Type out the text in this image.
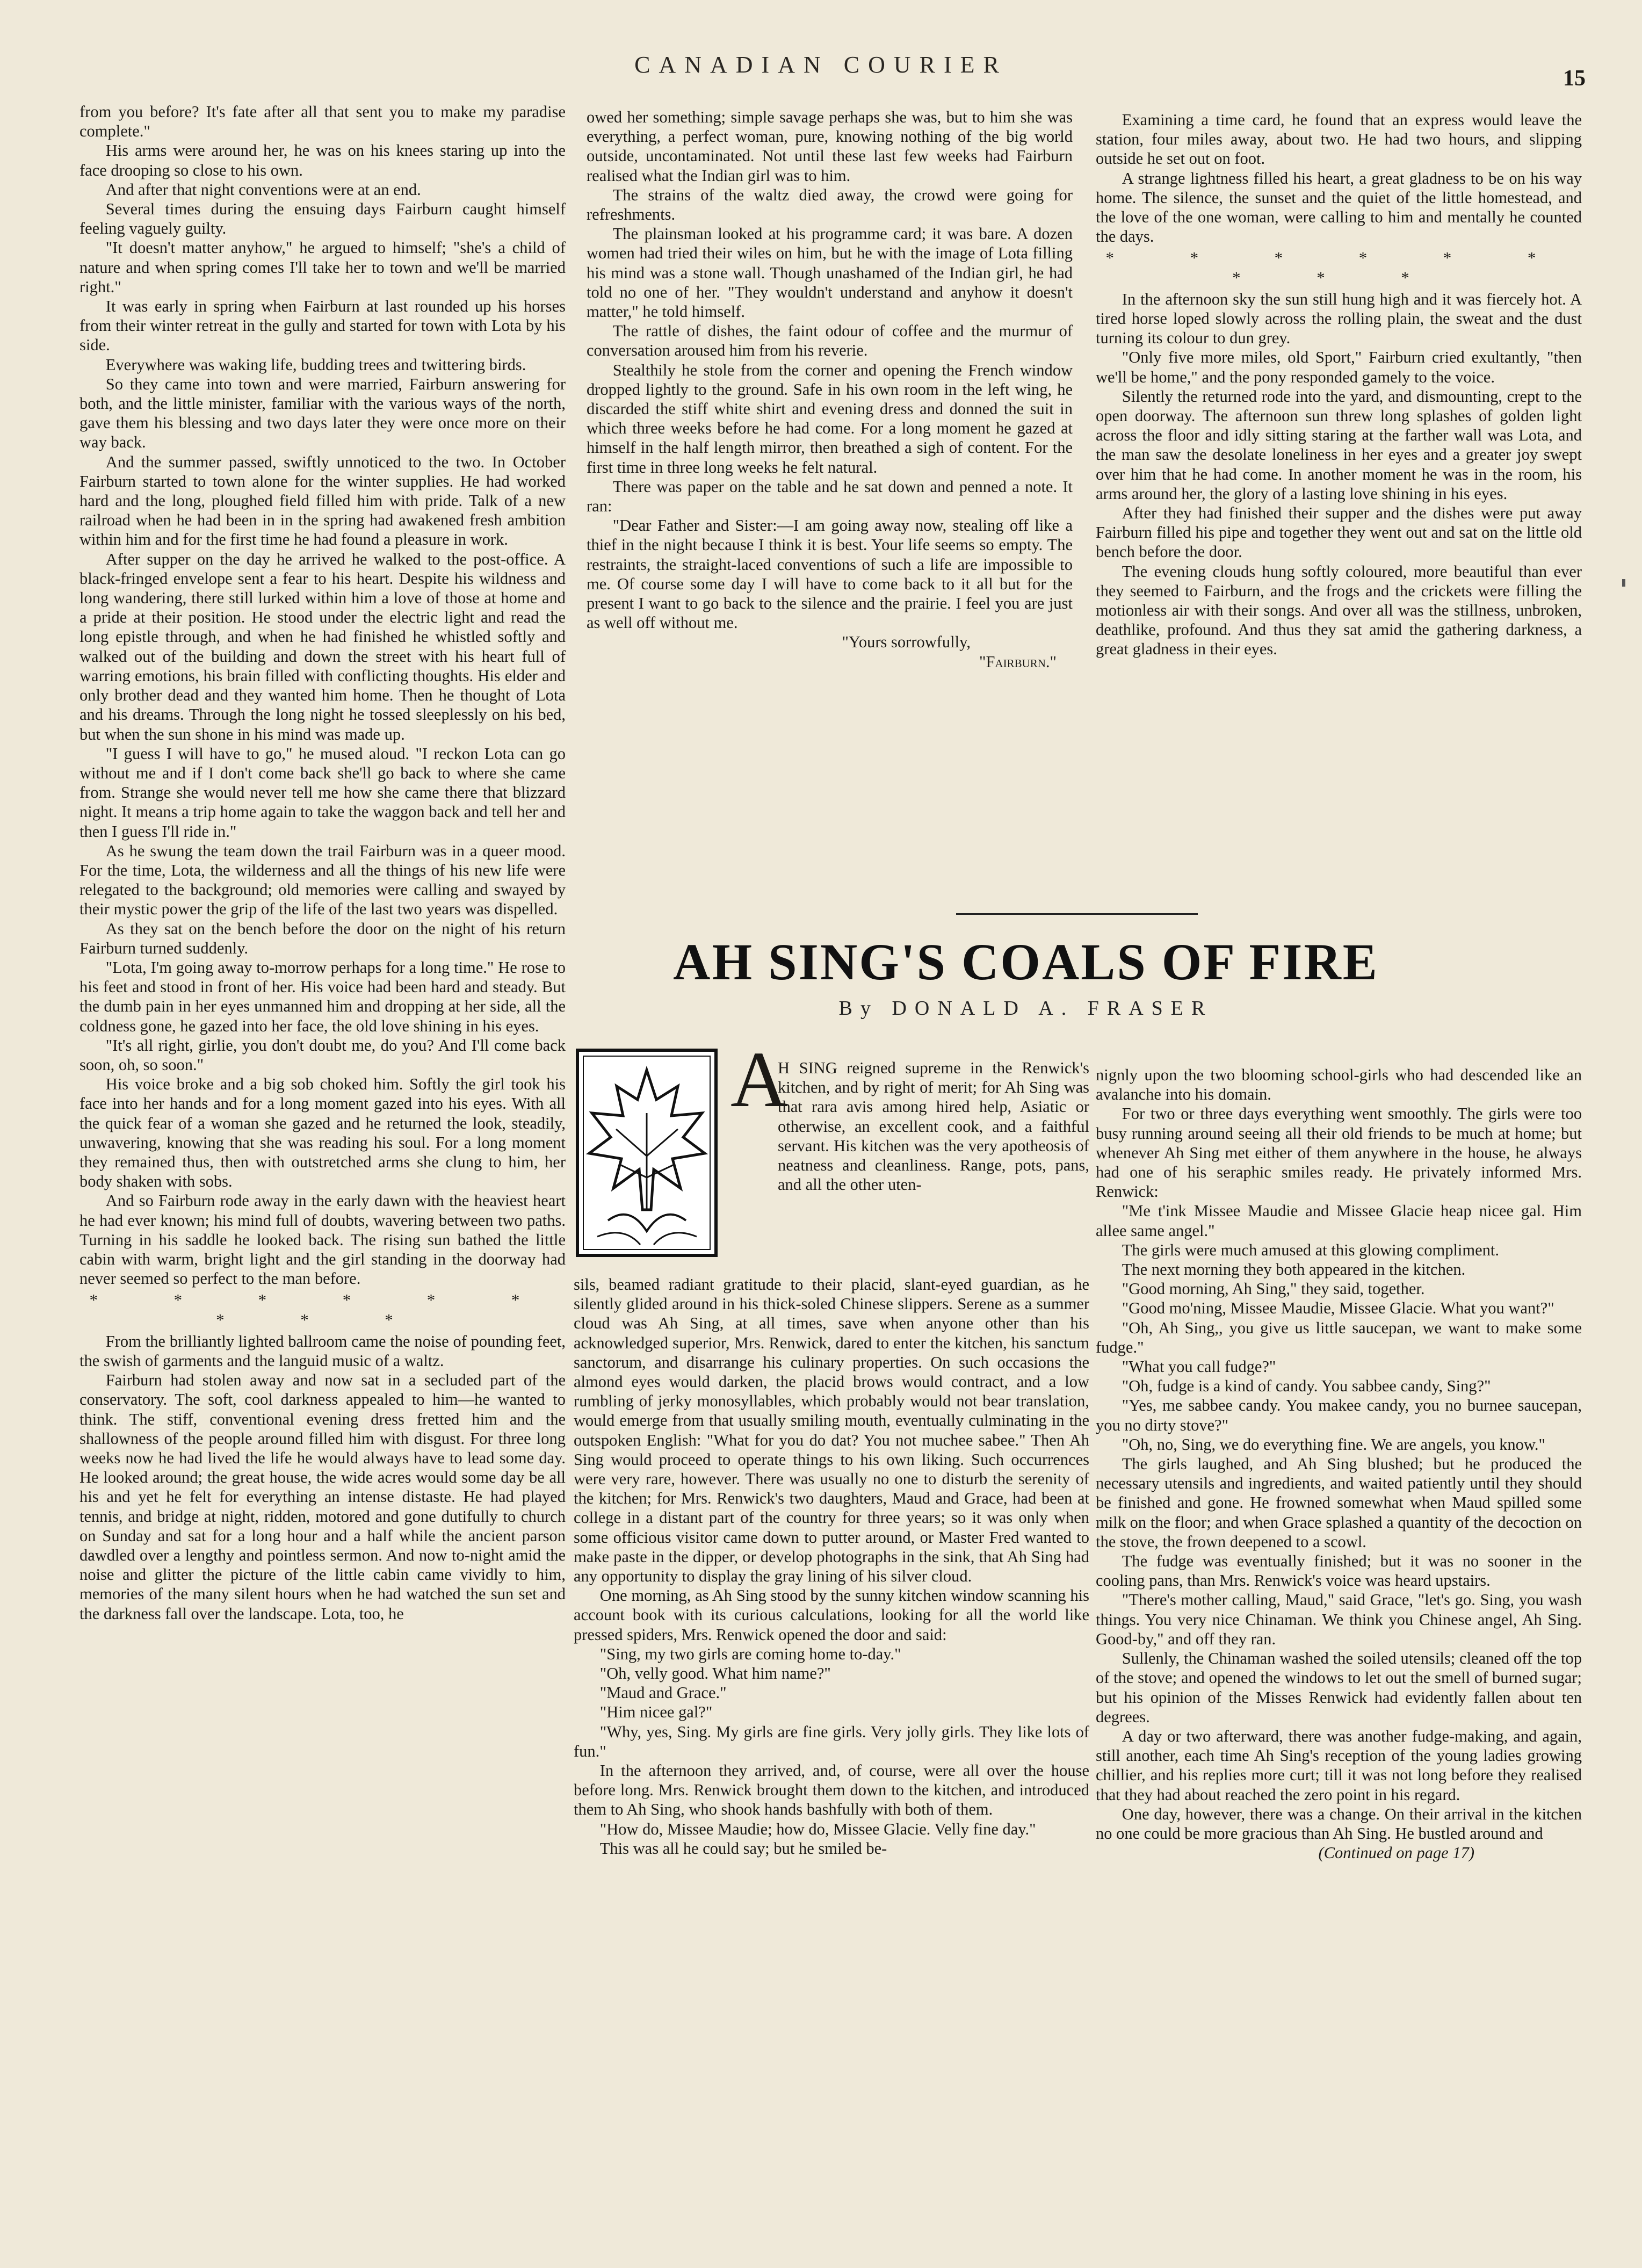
CANADIAN COURIER
15

from you before? It's fate after all that sent you to make my paradise complete."

His arms were around her, he was on his knees staring up into the face drooping so close to his own.

And after that night conventions were at an end.

Several times during the ensuing days Fairburn caught himself feeling vaguely guilty.

"It doesn't matter anyhow," he argued to himself; "she's a child of nature and when spring comes I'll take her to town and we'll be married right."

It was early in spring when Fairburn at last rounded up his horses from their winter retreat in the gully and started for town with Lota by his side.

Everywhere was waking life, budding trees and twittering birds.

So they came into town and were married, Fairburn answering for both, and the little minister, familiar with the various ways of the north, gave them his blessing and two days later they were once more on their way back.

And the summer passed, swiftly unnoticed to the two. In October Fairburn started to town alone for the winter supplies. He had worked hard and the long, ploughed field filled him with pride. Talk of a new railroad when he had been in in the spring had awakened fresh ambition within him and for the first time he had found a pleasure in work.

After supper on the day he arrived he walked to the post-office. A black-fringed envelope sent a fear to his heart. Despite his wildness and long wandering, there still lurked within him a love of those at home and a pride at their position. He stood under the electric light and read the long epistle through, and when he had finished he whistled softly and walked out of the building and down the street with his heart full of warring emotions, his brain filled with conflicting thoughts. His elder and only brother dead and they wanted him home. Then he thought of Lota and his dreams. Through the long night he tossed sleeplessly on his bed, but when the sun shone in his mind was made up.

"I guess I will have to go," he mused aloud. "I reckon Lota can go without me and if I don't come back she'll go back to where she came from. Strange she would never tell me how she came there that blizzard night. It means a trip home again to take the waggon back and tell her and then I guess I'll ride in."

As he swung the team down the trail Fairburn was in a queer mood. For the time, Lota, the wilderness and all the things of his new life were relegated to the background; old memories were calling and swayed by their mystic power the grip of the life of the last two years was dispelled.

As they sat on the bench before the door on the night of his return Fairburn turned suddenly.

"Lota, I'm going away to-morrow perhaps for a long time." He rose to his feet and stood in front of her. His voice had been hard and steady. But the dumb pain in her eyes unmanned him and dropping at her side, all the coldness gone, he gazed into her face, the old love shining in his eyes.

"It's all right, girlie, you don't doubt me, do you? And I'll come back soon, oh, so soon."

His voice broke and a big sob choked him. Softly the girl took his face into her hands and for a long moment gazed into his eyes. With all the quick fear of a woman she gazed and he returned the look, steadily, unwavering, knowing that she was reading his soul. For a long moment they remained thus, then with outstretched arms she clung to him, her body shaken with sobs.

And so Fairburn rode away in the early dawn with the heaviest heart he had ever known; his mind full of doubts, wavering between two paths. Turning in his saddle he looked back. The rising sun bathed the little cabin with warm, bright light and the girl standing in the doorway had never seemed so perfect to the man before.

* * * * * * * * *

From the brilliantly lighted ballroom came the noise of pounding feet, the swish of garments and the languid music of a waltz.

Fairburn had stolen away and now sat in a secluded part of the conservatory. The soft, cool darkness appealed to him—he wanted to think. The stiff, conventional evening dress fretted him and the shallowness of the people around filled him with disgust. For three long weeks now he had lived the life he would always have to lead some day. He looked around; the great house, the wide acres would some day be all his and yet he felt for everything an intense distaste. He had played tennis, and bridge at night, ridden, motored and gone dutifully to church on Sunday and sat for a long hour and a half while the ancient parson dawdled over a lengthy and pointless sermon. And now to-night amid the noise and glitter the picture of the little cabin came vividly to him, memories of the many silent hours when he had watched the sun set and the darkness fall over the landscape. Lota, too, he

owed her something; simple savage perhaps she was, but to him she was everything, a perfect woman, pure, knowing nothing of the big world outside, uncontaminated. Not until these last few weeks had Fairburn realised what the Indian girl was to him.

The strains of the waltz died away, the crowd were going for refreshments.

The plainsman looked at his programme card; it was bare. A dozen women had tried their wiles on him, but he with the image of Lota filling his mind was a stone wall. Though unashamed of the Indian girl, he had told no one of her. "They wouldn't understand and anyhow it doesn't matter," he told himself.

The rattle of dishes, the faint odour of coffee and the murmur of conversation aroused him from his reverie.

Stealthily he stole from the corner and opening the French window dropped lightly to the ground. Safe in his own room in the left wing, he discarded the stiff white shirt and evening dress and donned the suit in which three weeks before he had come. For a long moment he gazed at himself in the half length mirror, then breathed a sigh of content. For the first time in three long weeks he felt natural.

There was paper on the table and he sat down and penned a note. It ran:

"Dear Father and Sister:—I am going away now, stealing off like a thief in the night because I think it is best. Your life seems so empty. The restraints, the straight-laced conventions of such a life are impossible to me. Of course some day I will have to come back to it all but for the present I want to go back to the silence and the prairie. I feel you are just as well off without me.

"Yours sorrowfully,

"Fairburn."

Examining a time card, he found that an express would leave the station, four miles away, about two. He had two hours, and slipping outside he set out on foot.

A strange lightness filled his heart, a great gladness to be on his way home. The silence, the sunset and the quiet of the little homestead, and the love of the one woman, were calling to him and mentally he counted the days.

* * * * * * * * *

In the afternoon sky the sun still hung high and it was fiercely hot. A tired horse loped slowly across the rolling plain, the sweat and the dust turning its colour to dun grey.

"Only five more miles, old Sport," Fairburn cried exultantly, "then we'll be home," and the pony responded gamely to the voice.

Silently the returned rode into the yard, and dismounting, crept to the open doorway. The afternoon sun threw long splashes of golden light across the floor and idly sitting staring at the farther wall was Lota, and the man saw the desolate loneliness in her eyes and a greater joy swept over him that he had come. In another moment he was in the room, his arms around her, the glory of a lasting love shining in his eyes.

After they had finished their supper and the dishes were put away Fairburn filled his pipe and together they went out and sat on the little old bench before the door.

The evening clouds hung softly coloured, more beautiful than ever they seemed to Fairburn, and the frogs and the crickets were filling the motionless air with their songs. And over all was the stillness, unbroken, deathlike, profound. And thus they sat amid the gathering darkness, a great gladness in their eyes.

AH SING'S COALS OF FIRE
By DONALD A. FRASER
A

H SING reigned supreme in the Renwick's kitchen, and by right of merit; for Ah Sing was that rara avis among hired help, Asiatic or otherwise, an excellent cook, and a faithful servant. His kitchen was the very apotheosis of neatness and cleanliness. Range, pots, pans, and all the other uten-

sils, beamed radiant gratitude to their placid, slant-eyed guardian, as he silently glided around in his thick-soled Chinese slippers. Serene as a summer cloud was Ah Sing, at all times, save when anyone other than his acknowledged superior, Mrs. Renwick, dared to enter the kitchen, his sanctum sanctorum, and disarrange his culinary properties. On such occasions the almond eyes would darken, the placid brows would contract, and a low rumbling of jerky monosyllables, which probably would not bear translation, would emerge from that usually smiling mouth, eventually culminating in the outspoken English: "What for you do dat? You not muchee sabee." Then Ah Sing would proceed to operate things to his own liking. Such occurrences were very rare, however. There was usually no one to disturb the serenity of the kitchen; for Mrs. Renwick's two daughters, Maud and Grace, had been at college in a distant part of the country for three years; so it was only when some officious visitor came down to putter around, or Master Fred wanted to make paste in the dipper, or develop photographs in the sink, that Ah Sing had any opportunity to display the gray lining of his silver cloud.

One morning, as Ah Sing stood by the sunny kitchen window scanning his account book with its curious calculations, looking for all the world like pressed spiders, Mrs. Renwick opened the door and said:

"Sing, my two girls are coming home to-day."

"Oh, velly good. What him name?"

"Maud and Grace."

"Him nicee gal?"

"Why, yes, Sing. My girls are fine girls. Very jolly girls. They like lots of fun."

In the afternoon they arrived, and, of course, were all over the house before long. Mrs. Renwick brought them down to the kitchen, and introduced them to Ah Sing, who shook hands bashfully with both of them.

"How do, Missee Maudie; how do, Missee Glacie. Velly fine day."

This was all he could say; but he smiled be-

nignly upon the two blooming school-girls who had descended like an avalanche into his domain.

For two or three days everything went smoothly. The girls were too busy running around seeing all their old friends to be much at home; but whenever Ah Sing met either of them anywhere in the house, he always had one of his seraphic smiles ready. He privately informed Mrs. Renwick:

"Me t'ink Missee Maudie and Missee Glacie heap nicee gal. Him allee same angel."

The girls were much amused at this glowing compliment.

The next morning they both appeared in the kitchen.

"Good morning, Ah Sing," they said, together.

"Good mo'ning, Missee Maudie, Missee Glacie. What you want?"

"Oh, Ah Sing,, you give us little saucepan, we want to make some fudge."

"What you call fudge?"

"Oh, fudge is a kind of candy. You sabbee candy, Sing?"

"Yes, me sabbee candy. You makee candy, you no burnee saucepan, you no dirty stove?"

"Oh, no, Sing, we do everything fine. We are angels, you know."

The girls laughed, and Ah Sing blushed; but he produced the necessary utensils and ingredients, and waited patiently until they should be finished and gone. He frowned somewhat when Maud spilled some milk on the floor; and when Grace splashed a quantity of the decoction on the stove, the frown deepened to a scowl.

The fudge was eventually finished; but it was no sooner in the cooling pans, than Mrs. Renwick's voice was heard upstairs.

"There's mother calling, Maud," said Grace, "let's go. Sing, you wash things. You very nice Chinaman. We think you Chinese angel, Ah Sing. Good-by," and off they ran.

Sullenly, the Chinaman washed the soiled utensils; cleaned off the top of the stove; and opened the windows to let out the smell of burned sugar; but his opinion of the Misses Renwick had evidently fallen about ten degrees.

A day or two afterward, there was another fudge-making, and again, still another, each time Ah Sing's reception of the young ladies growing chillier, and his replies more curt; till it was not long before they realised that they had about reached the zero point in his regard.

One day, however, there was a change. On their arrival in the kitchen no one could be more gracious than Ah Sing. He bustled around and

(Continued on page 17)
